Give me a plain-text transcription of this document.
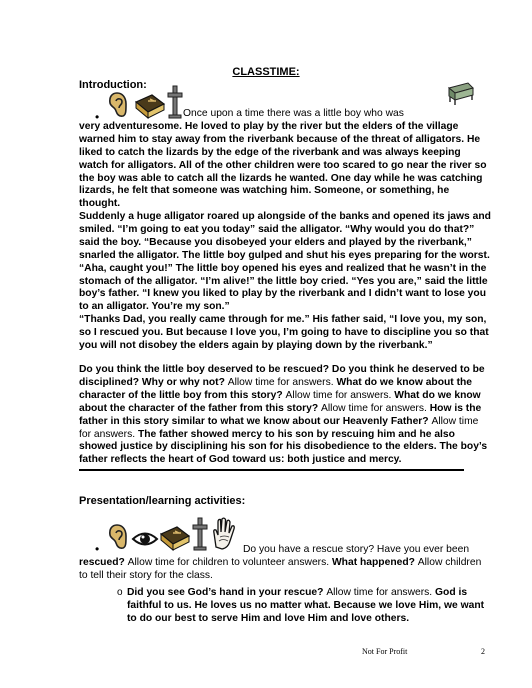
CLASSTIME:
Introduction:
•	Once upon a time there was a little boy who was
very adventuresome. He loved to play by the river but the elders of the village warned him to stay away from the riverbank because of the threat of alligators. He liked to catch the lizards by the edge of the riverbank and was always keeping watch for alligators. All of the other children were too scared to go near the river so the boy was able to catch all the lizards he wanted. One day while he was catching lizards, he felt that someone was watching him. Someone, or something, he thought.
Suddenly a huge alligator roared up alongside of the banks and opened its jaws and smiled. “I’m going to eat you today” said the alligator. “Why would you do that?” said the boy. “Because you disobeyed your elders and played by the riverbank,” snarled the alligator. The little boy gulped and shut his eyes preparing for the worst. “Aha, caught you!” The little boy opened his eyes and realized that he wasn’t in the stomach of the alligator. “I’m alive!” the little boy cried. “Yes you are,” said the little boy’s father. “I knew you liked to play by the riverbank and I didn’t want to lose you to an alligator. You’re my son.”
“Thanks Dad, you really came through for me.” His father said, “I love you, my son, so I rescued you. But because I love you, I’m going to have to discipline you so that you will not disobey the elders again by playing down by the riverbank.”
Do you think the little boy deserved to be rescued? Do you think he deserved to be disciplined? Why or why not? Allow time for answers. What do we know about the character of the little boy from this story? Allow time for answers. What do we know about the character of the father from this story? Allow time for answers. How is the father in this story similar to what we know about our Heavenly Father? Allow time for answers. The father showed mercy to his son by rescuing him and he also showed justice by disciplining his son for his disobedience to the elders. The boy’s father reflects the heart of God toward us: both justice and mercy.
Presentation/learning activities:
•	Do you have a rescue story? Have you ever been
rescued? Allow time for children to volunteer answers. What happened? Allow children to tell their story for the class.
o Did you see God’s hand in your rescue? Allow time for answers. God is faithful to us. He loves us no matter what. Because we love Him, we want to do our best to serve Him and love Him and love others.
Not For Profit	2
